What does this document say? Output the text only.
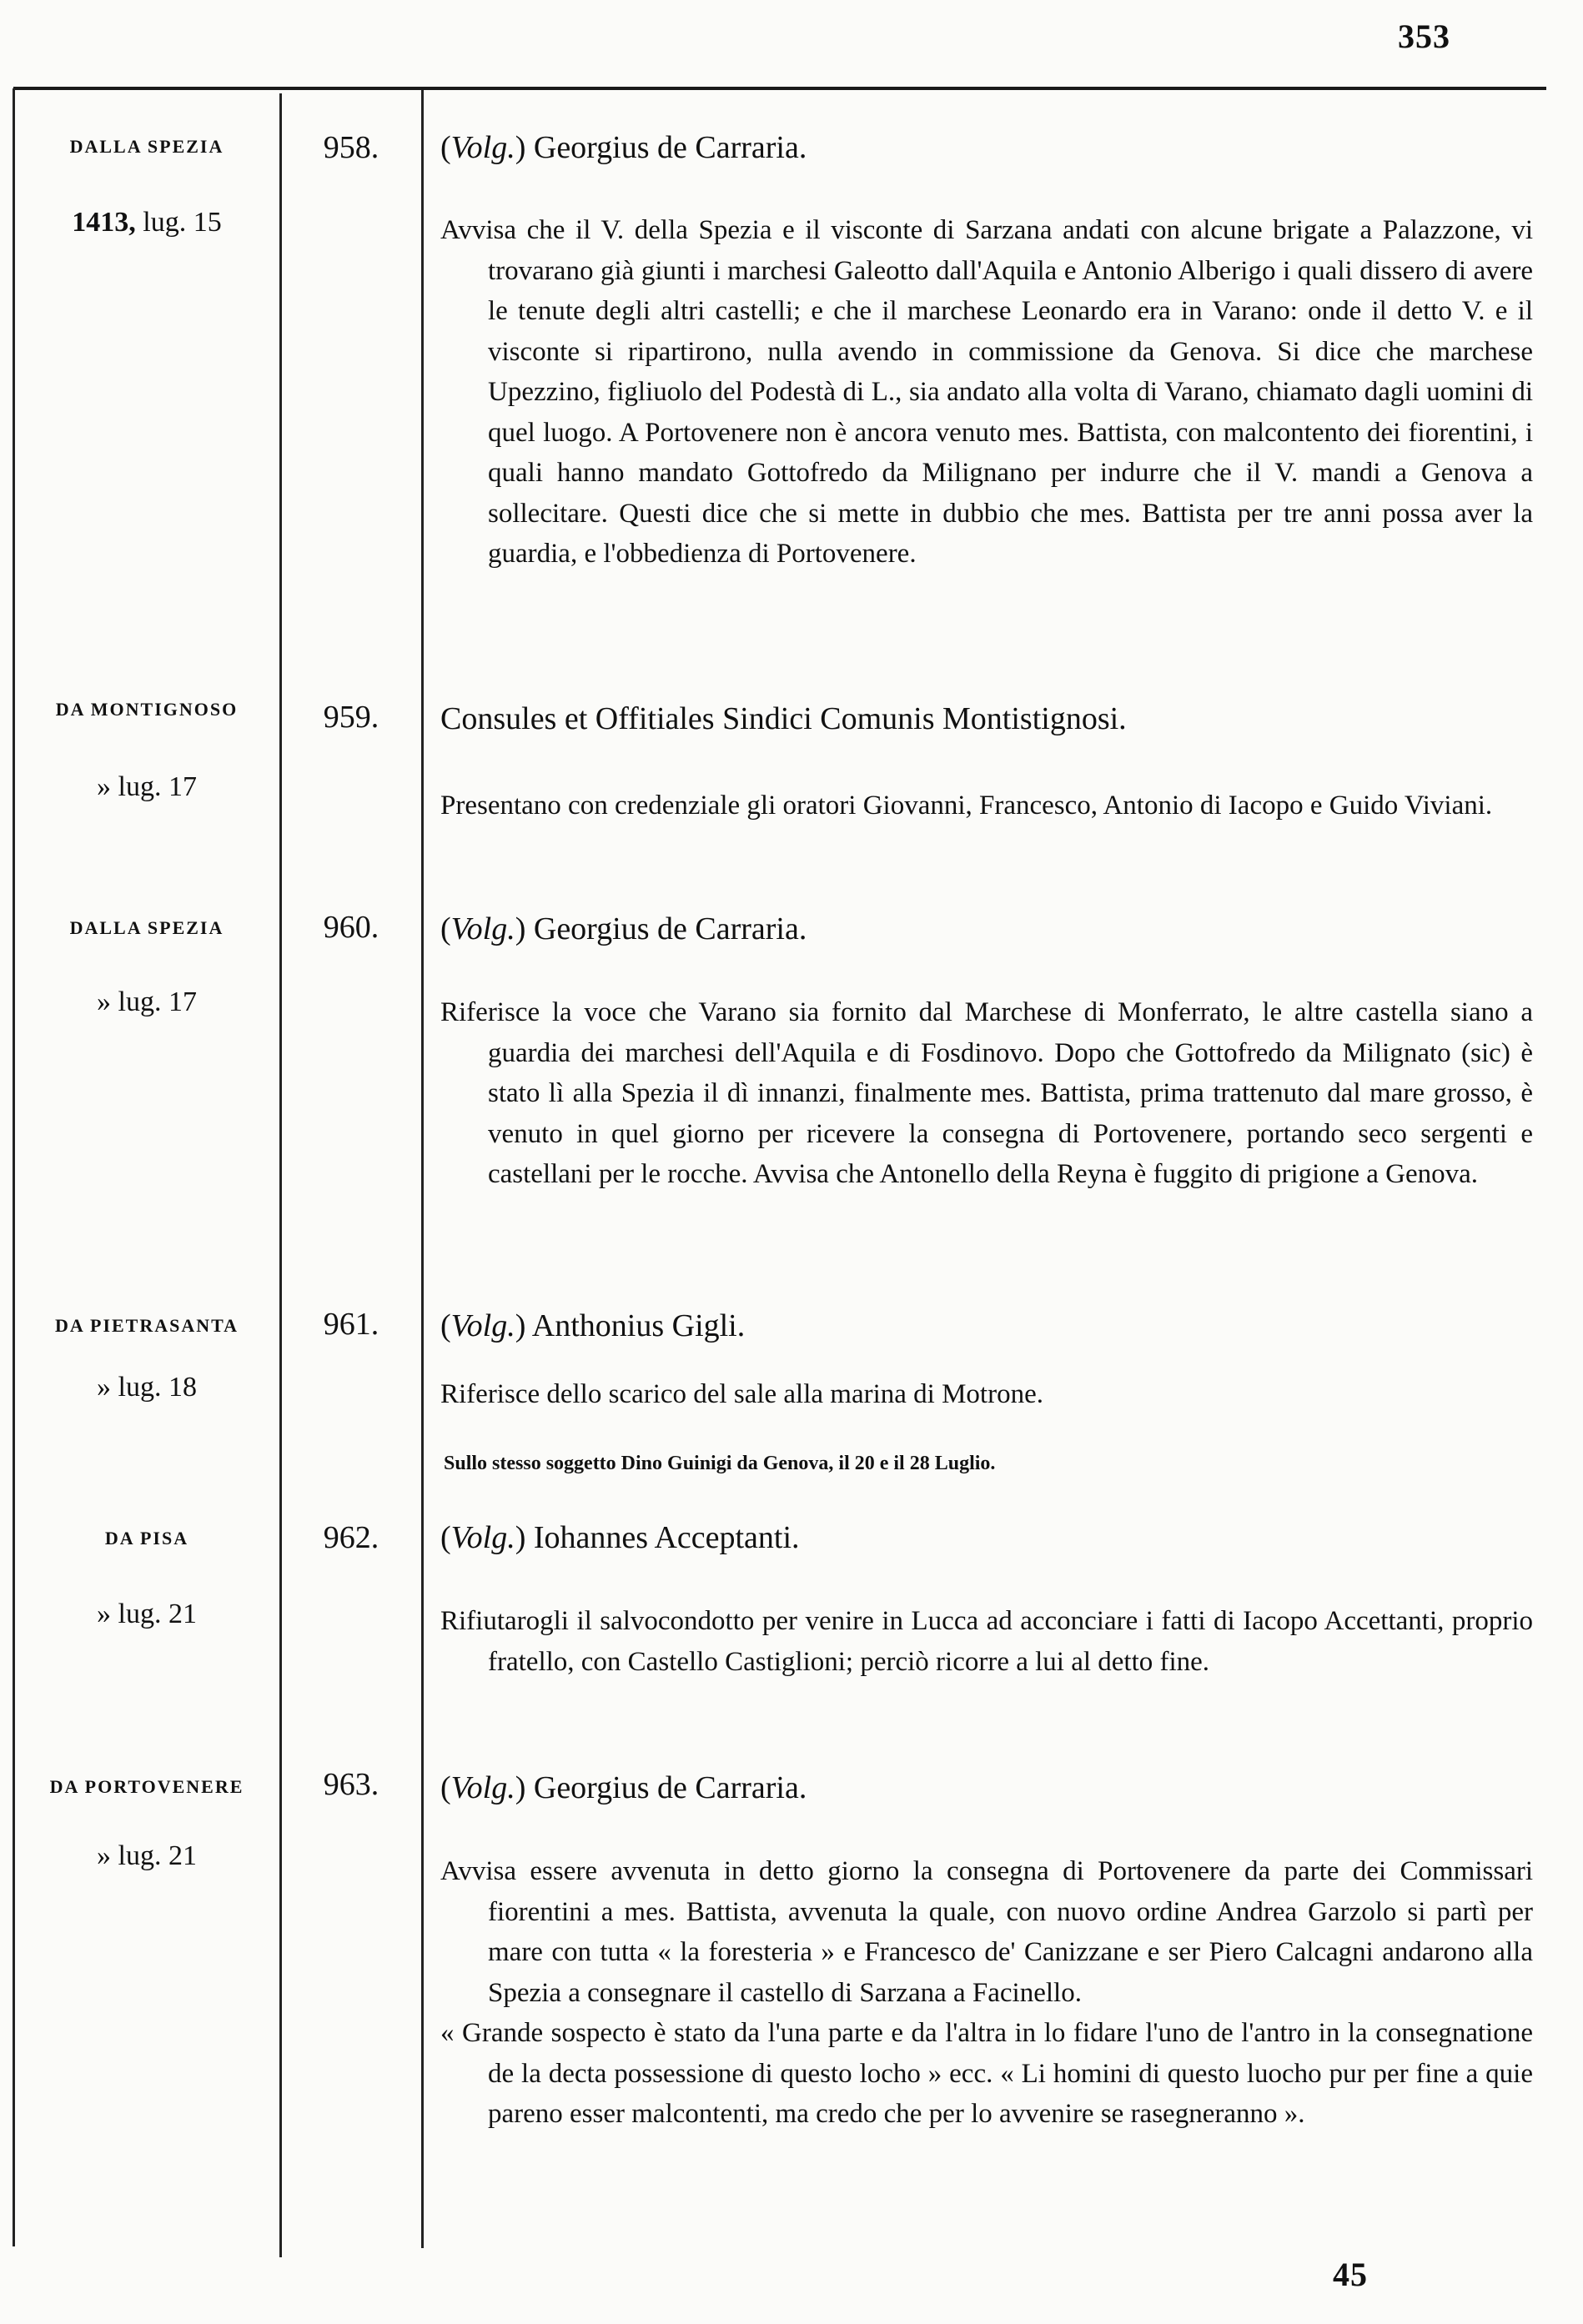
353
DALLA SPEZIA
1413, lug. 15
958.	(Volg.) Georgius de Carraria.

Avvisa che il V. della Spezia e il visconte di Sarzana andati con alcune brigate a Palazzone, vi trovarano già giunti i marchesi Galeotto dall'Aquila e Antonio Alberigo i quali dissero di avere le tenute degli altri castelli; e che il marchese Leonardo era in Varano: onde il detto V. e il visconte si ripartirono, nulla avendo in commissione da Genova. Si dice che marchese Upezzino, figliuolo del Podestà di L., sia andato alla volta di Varano, chiamato dagli uomini di quel luogo. A Portovenere non è ancora venuto mes. Battista, con malcontento dei fiorentini, i quali hanno mandato Gottofredo da Milignano per indurre che il V. mandi a Genova a sollecitare. Questi dice che si mette in dubbio che mes. Battista per tre anni possa aver la guardia, e l'obbedienza di Portovenere.

DA MONTIGNOSO
» lug. 17
959.	Consules et Offitiales Sindici Comunis Montistignosi.

Presentano con credenziale gli oratori Giovanni, Francesco, Antonio di Iacopo e Guido Viviani.

DALLA SPEZIA
» lug. 17
960.	(Volg.) Georgius de Carraria.

Riferisce la voce che Varano sia fornito dal Marchese di Monferrato, le altre castella siano a guardia dei marchesi dell'Aquila e di Fosdinovo. Dopo che Gottofredo da Milignato (sic) è stato lì alla Spezia il dì innanzi, finalmente mes. Battista, prima trattenuto dal mare grosso, è venuto in quel giorno per ricevere la consegna di Portovenere, portando seco sergenti e castellani per le rocche. Avvisa che Antonello della Reyna è fuggito di prigione a Genova.

DA PIETRASANTA
» lug. 18
961.	(Volg.) Anthonius Gigli.

Riferisce dello scarico del sale alla marina di Motrone.

Sullo stesso soggetto Dino Guinigi da Genova, il 20 e il 28 Luglio.
DA PISA
» lug. 21
962.	(Volg.) Iohannes Acceptanti.

Rifiutarogli il salvocondotto per venire in Lucca ad acconciare i fatti di Iacopo Accettanti, proprio fratello, con Castello Castiglioni; perciò ricorre a lui al detto fine.

DA PORTOVENERE
» lug. 21
963.	(Volg.) Georgius de Carraria.

Avvisa essere avvenuta in detto giorno la consegna di Portovenere da parte dei Commissari fiorentini a mes. Battista, avvenuta la quale, con nuovo ordine Andrea Garzolo si partì per mare con tutta « la foresteria » e Francesco de' Canizzane e ser Piero Calcagni andarono alla Spezia a consegnare il castello di Sarzana a Facinello.

« Grande sospecto è stato da l'una parte e da l'altra in lo fidare l'uno de l'antro in la consegnatione de la decta possessione di questo locho » ecc. « Li homini di questo luocho pur per fine a quie pareno esser malcontenti, ma credo che per lo avvenire se rasegneranno ».

45
